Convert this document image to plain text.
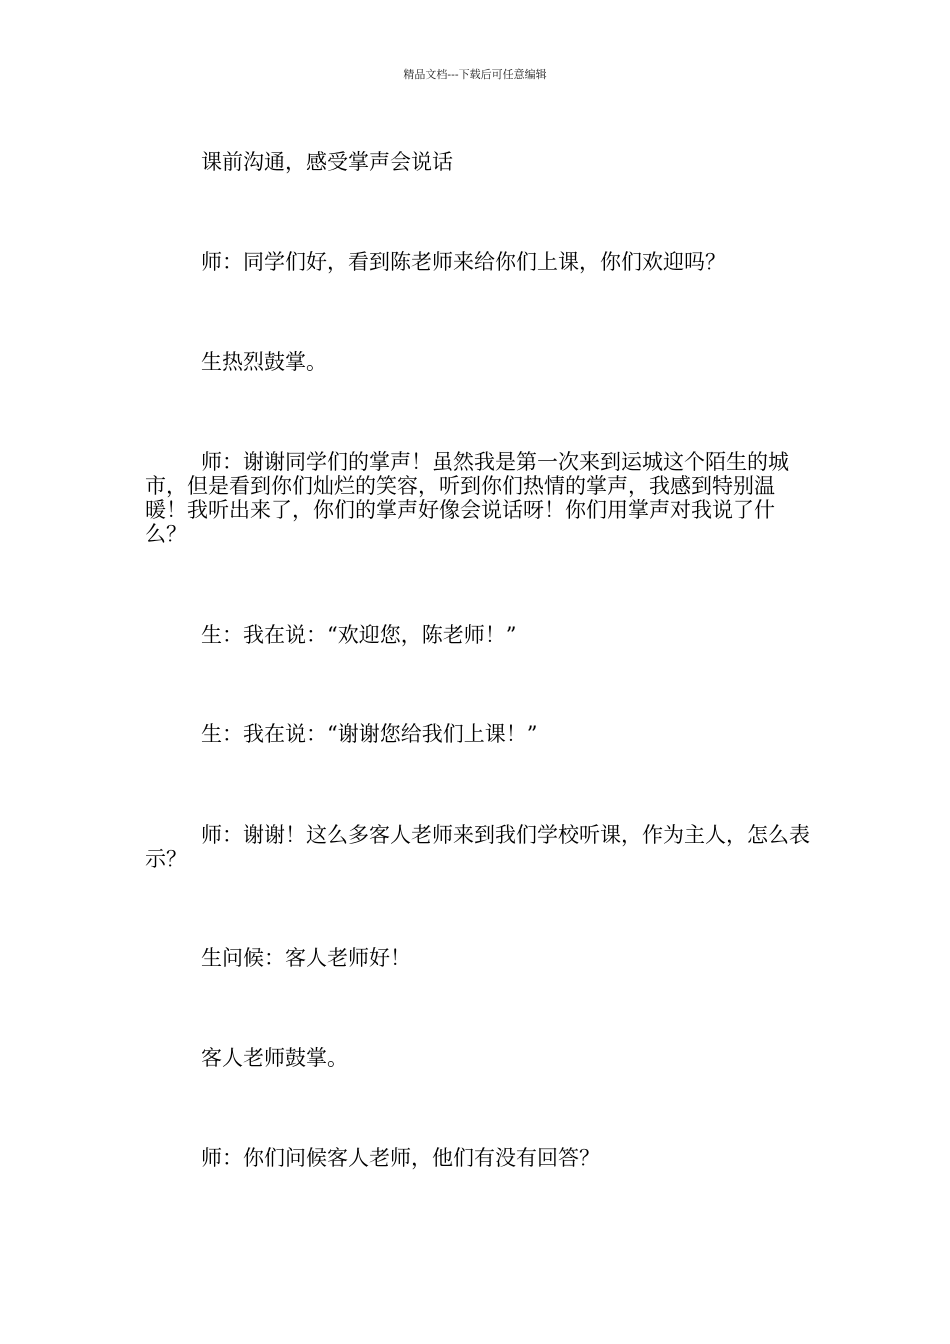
精品文档---下载后可任意编辑

课前沟通，感受掌声会说话

师：同学们好，看到陈老师来给你们上课，你们欢迎吗？

生热烈鼓掌。

师：谢谢同学们的掌声！虽然我是第一次来到运城这个陌生的城市，但是看到你们灿烂的笑容，听到你们热情的掌声，我感到特别温暖！我听出来了，你们的掌声好像会说话呀！你们用掌声对我说了什么？

生：我在说：“欢迎您，陈老师！”

生：我在说：“谢谢您给我们上课！”

师：谢谢！这么多客人老师来到我们学校听课，作为主人，怎么表示？

生问候：客人老师好！

客人老师鼓掌。

师：你们问候客人老师，他们有没有回答？
